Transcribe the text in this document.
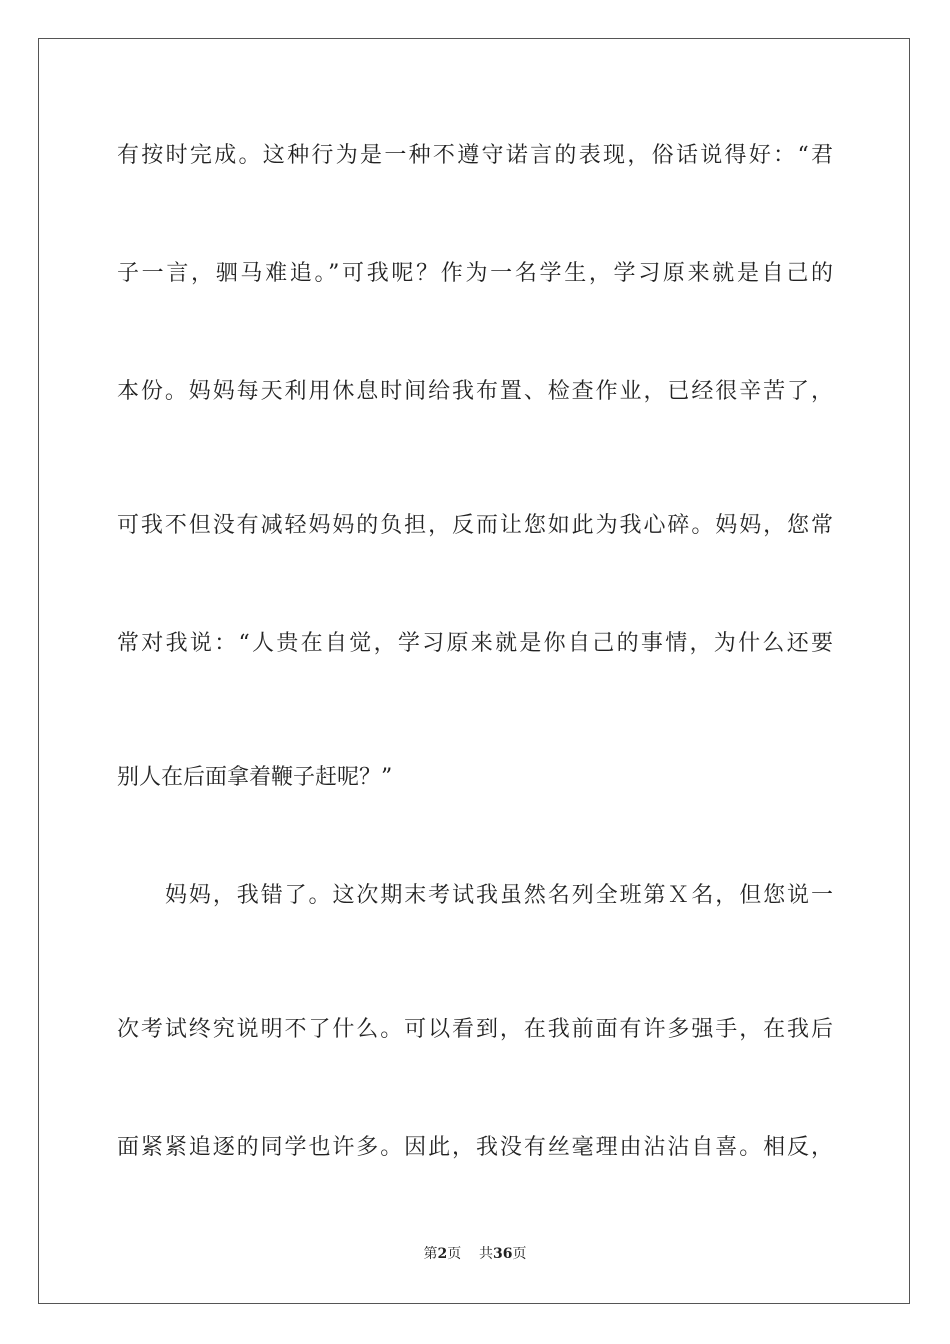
有按时完成。这种行为是一种不遵守诺言的表现，俗话说得好：“君
子一言，驷马难追。”可我呢？作为一名学生，学习原来就是自己的
本份。妈妈每天利用休息时间给我布置、检查作业，已经很辛苦了，
可我不但没有减轻妈妈的负担，反而让您如此为我心碎。妈妈，您常
常对我说：“人贵在自觉，学习原来就是你自己的事情，为什么还要
别人在后面拿着鞭子赶呢？”
妈妈，我错了。这次期末考试我虽然名列全班第Ｘ名，但您说一
次考试终究说明不了什么。可以看到，在我前面有许多强手，在我后
面紧紧追逐的同学也许多。因此，我没有丝毫理由沾沾自喜。相反，
第2页 共36页
